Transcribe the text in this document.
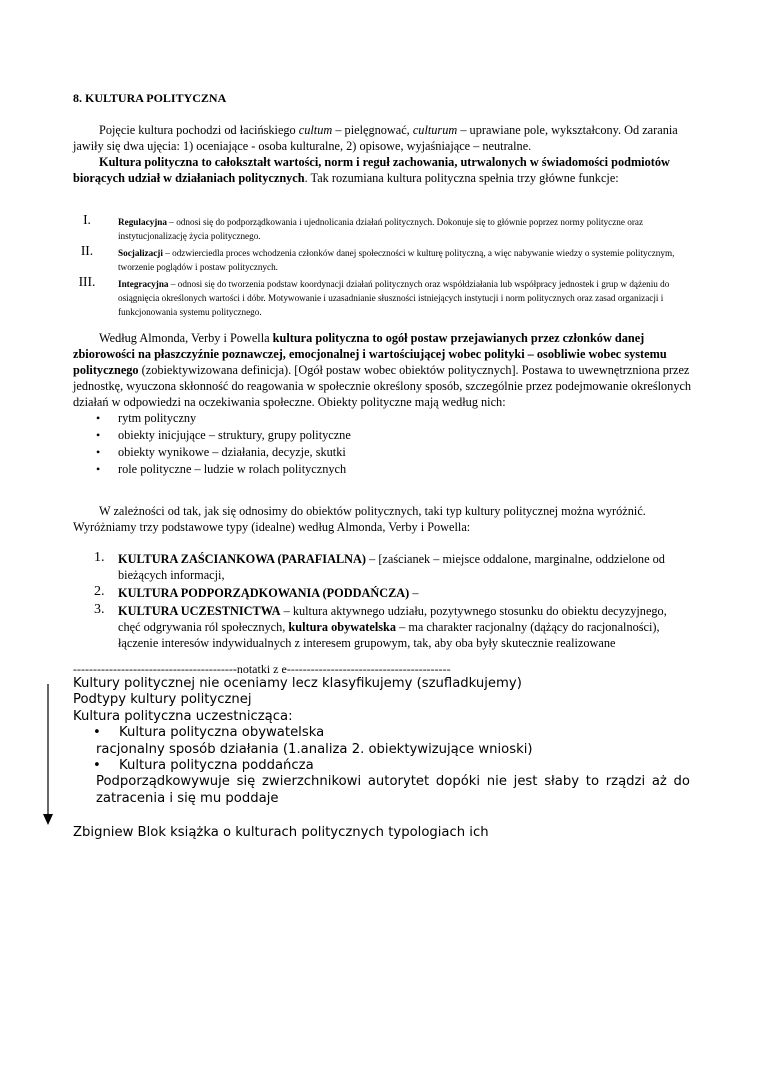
8. KULTURA POLITYCZNA

Pojęcie kultura pochodzi od łacińskiego cultum – pielęgnować, culturum – uprawiane pole, wykształcony. Od zarania jawiły się dwa ujęcia: 1) oceniające - osoba kulturalne, 2) opisowe, wyjaśniające – neutralne.

Kultura polityczna to całokształt wartości, norm i reguł zachowania, utrwalonych w świadomości podmiotów biorących udział w działaniach politycznych. Tak rozumiana kultura polityczna spełnia trzy główne funkcje:

I.	Regulacyjna – odnosi się do podporządkowania i ujednolicania działań politycznych. Dokonuje się to głównie poprzez normy polityczne oraz instytucjonalizację życia politycznego.
II.	Socjalizacji – odzwierciedla proces wchodzenia członków danej społeczności w kulturę polityczną, a więc nabywanie wiedzy o systemie politycznym, tworzenie poglądów i postaw politycznych.
III.	Integracyjna – odnosi się do tworzenia podstaw koordynacji działań politycznych oraz współdziałania lub współpracy jednostek i grup w dążeniu do osiągnięcia określonych wartości i dóbr. Motywowanie i uzasadnianie słuszności istniejących instytucji i norm politycznych oraz zasad organizacji i funkcjonowania systemu politycznego.

Według Almonda, Verby i Powella kultura polityczna to ogół postaw przejawianych przez członków danej zbiorowości na płaszczyźnie poznawczej, emocjonalnej i wartościującej wobec polityki – osobliwie wobec systemu politycznego (zobiektywizowana definicja). [Ogół postaw wobec obiektów politycznych]. Postawa to uwewnętrzniona przez jednostkę, wyuczona skłonność do reagowania w społecznie określony sposób, szczególnie przez podejmowanie określonych działań w odpowiedzi na oczekiwania społeczne. Obiekty polityczne mają według nich:

• rytm polityczny
• obiekty inicjujące – struktury, grupy polityczne
• obiekty wynikowe – działania, decyzje, skutki
• role polityczne – ludzie w rolach politycznych

W zależności od tak, jak się odnosimy do obiektów politycznych, taki typ kultury politycznej można wyróżnić. Wyróżniamy trzy podstawowe typy (idealne) według Almonda, Verby i Powella:

1. KULTURA ZAŚCIANKOWA (PARAFIALNA) – [zaścianek – miejsce oddalone, marginalne, oddzielone od bieżących informacji,
2. KULTURA PODPORZĄDKOWANIA (PODDAŃCZA) –
3. KULTURA UCZESTNICTWA – kultura aktywnego udziału, pozytywnego stosunku do obiektu decyzyjnego, chęć odgrywania ról społecznych, kultura obywatelska – ma charakter racjonalny (dążący do racjonalności), łączenie interesów indywidualnych z interesem grupowym, tak, aby oba były skutecznie realizowane

-----------------------------------------notatki z e-----------------------------------------

Kultury politycznej nie oceniamy lecz klasyfikujemy (szufladkujemy)

Podtypy kultury politycznej

Kultura polityczna uczestnicząca:

• Kultura polityczna obywatelska

racjonalny sposób działania (1.analiza 2. obiektywizujące wnioski)

• Kultura polityczna poddańcza

Podporządkowywuje się zwierzchnikowi autorytet dopóki nie jest słaby to rządzi aż do zatracenia i się mu poddaje

Zbigniew Blok książka o kulturach politycznych typologiach ich
